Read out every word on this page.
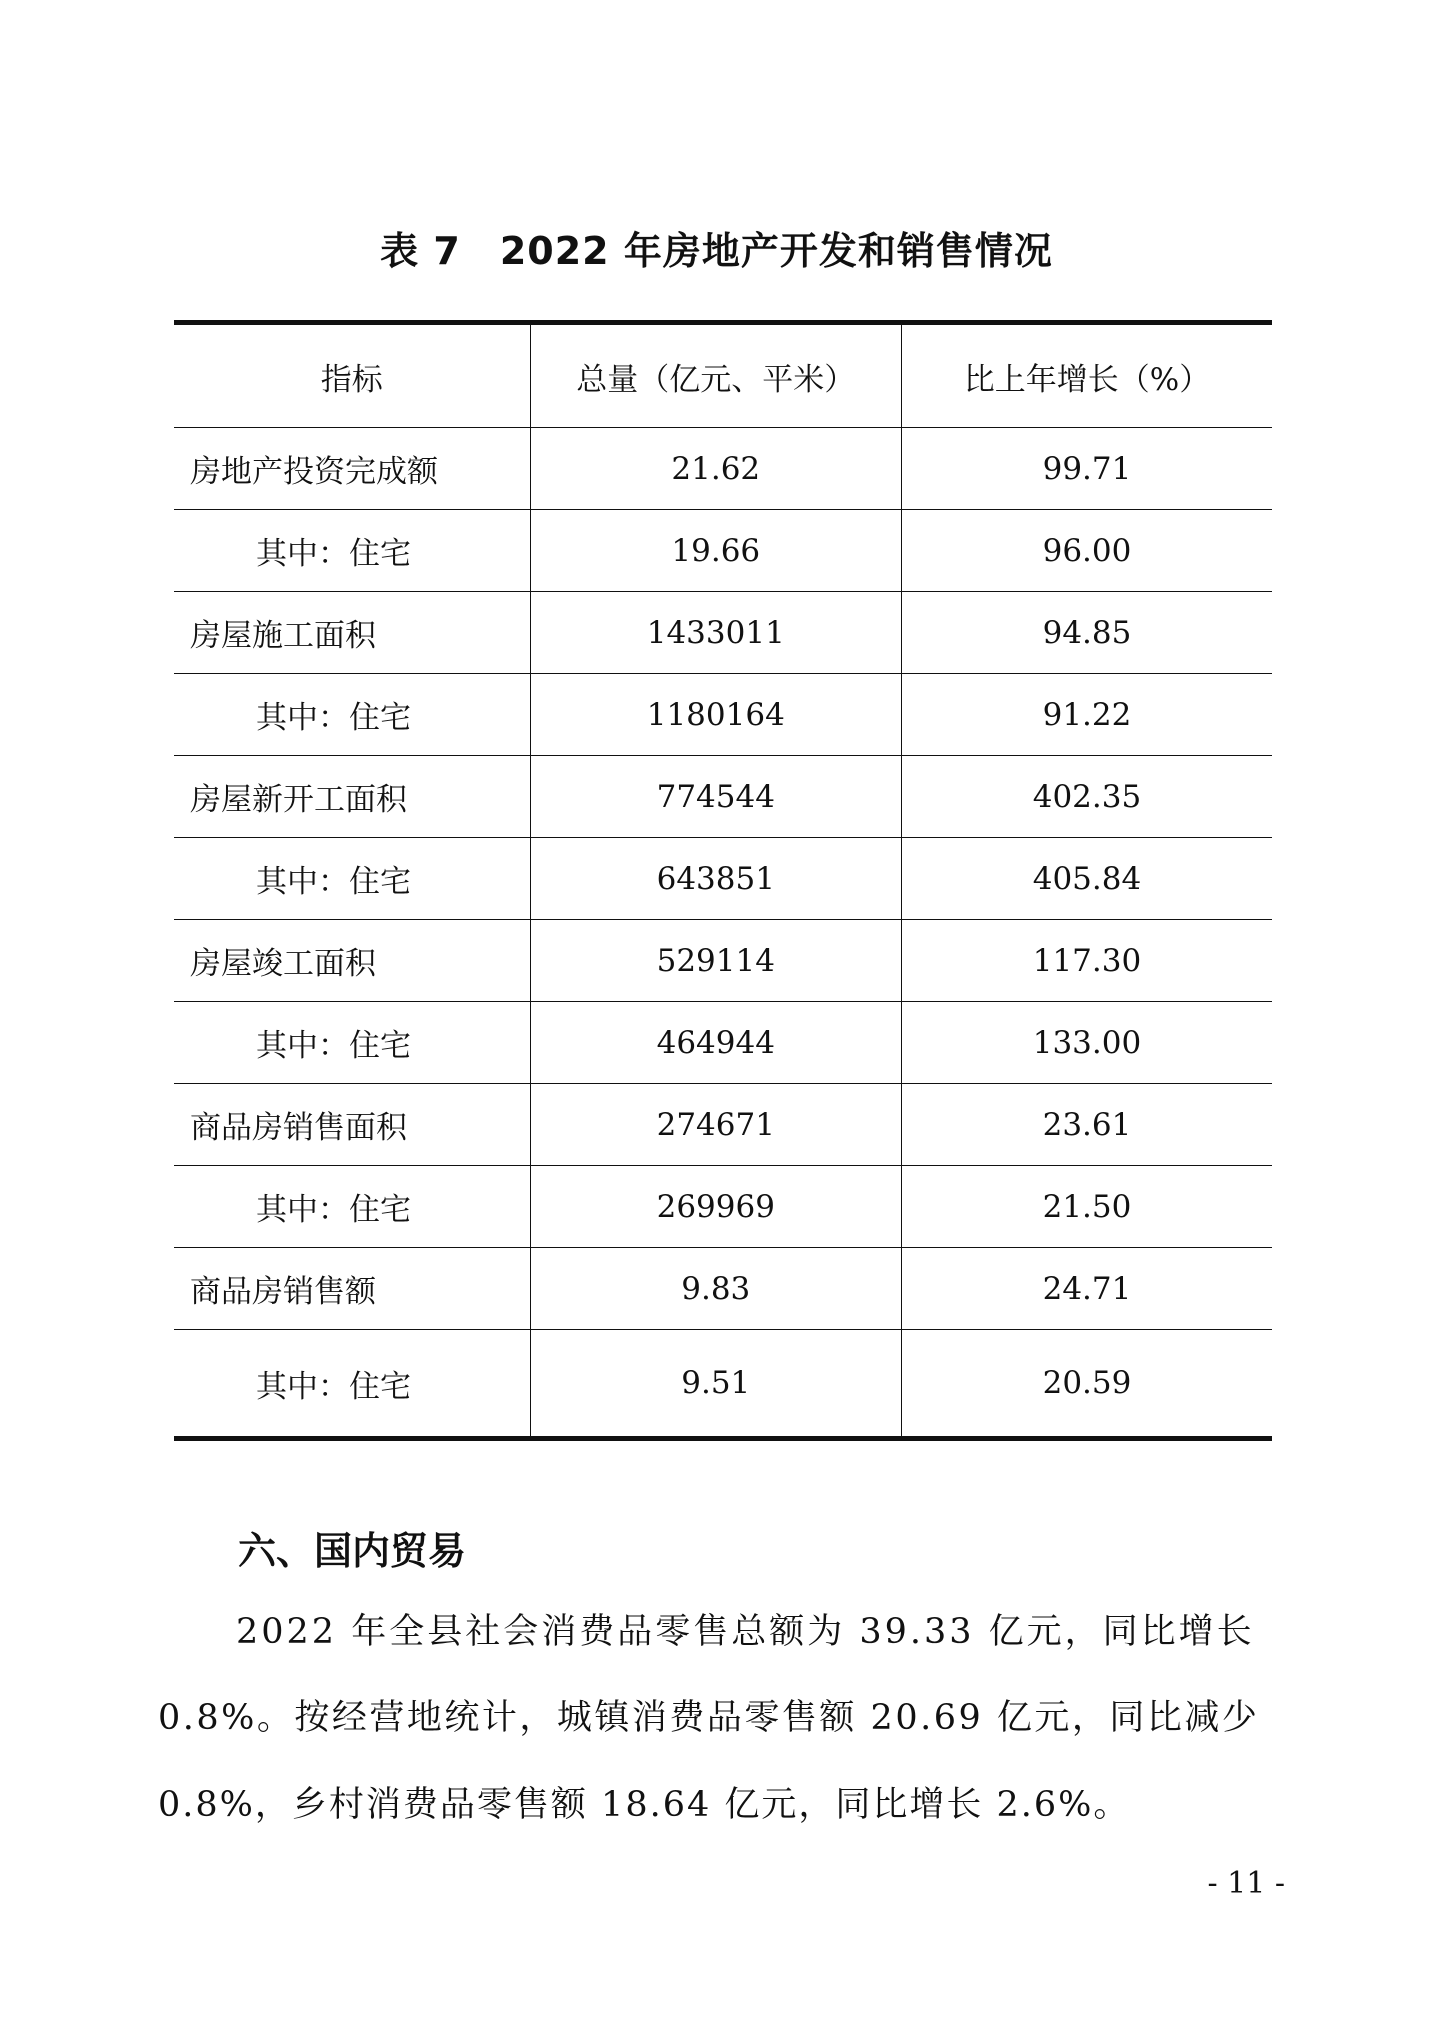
表 7　2022 年房地产开发和销售情况
指标	总量（亿元、平米）	比上年增长（%）
房地产投资完成额	21.62	99.71
其中：住宅	19.66	96.00
房屋施工面积	1433011	94.85
其中：住宅	1180164	91.22
房屋新开工面积	774544	402.35
其中：住宅	643851	405.84
房屋竣工面积	529114	117.30
其中：住宅	464944	133.00
商品房销售面积	274671	23.61
其中：住宅	269969	21.50
商品房销售额	9.83	24.71
其中：住宅	9.51	20.59
六、国内贸易
2022 年全县社会消费品零售总额为 39.33 亿元，同比增长
0.8%。按经营地统计，城镇消费品零售额 20.69 亿元，同比减少
0.8%，乡村消费品零售额 18.64 亿元，同比增长 2.6%。
- 11 -
